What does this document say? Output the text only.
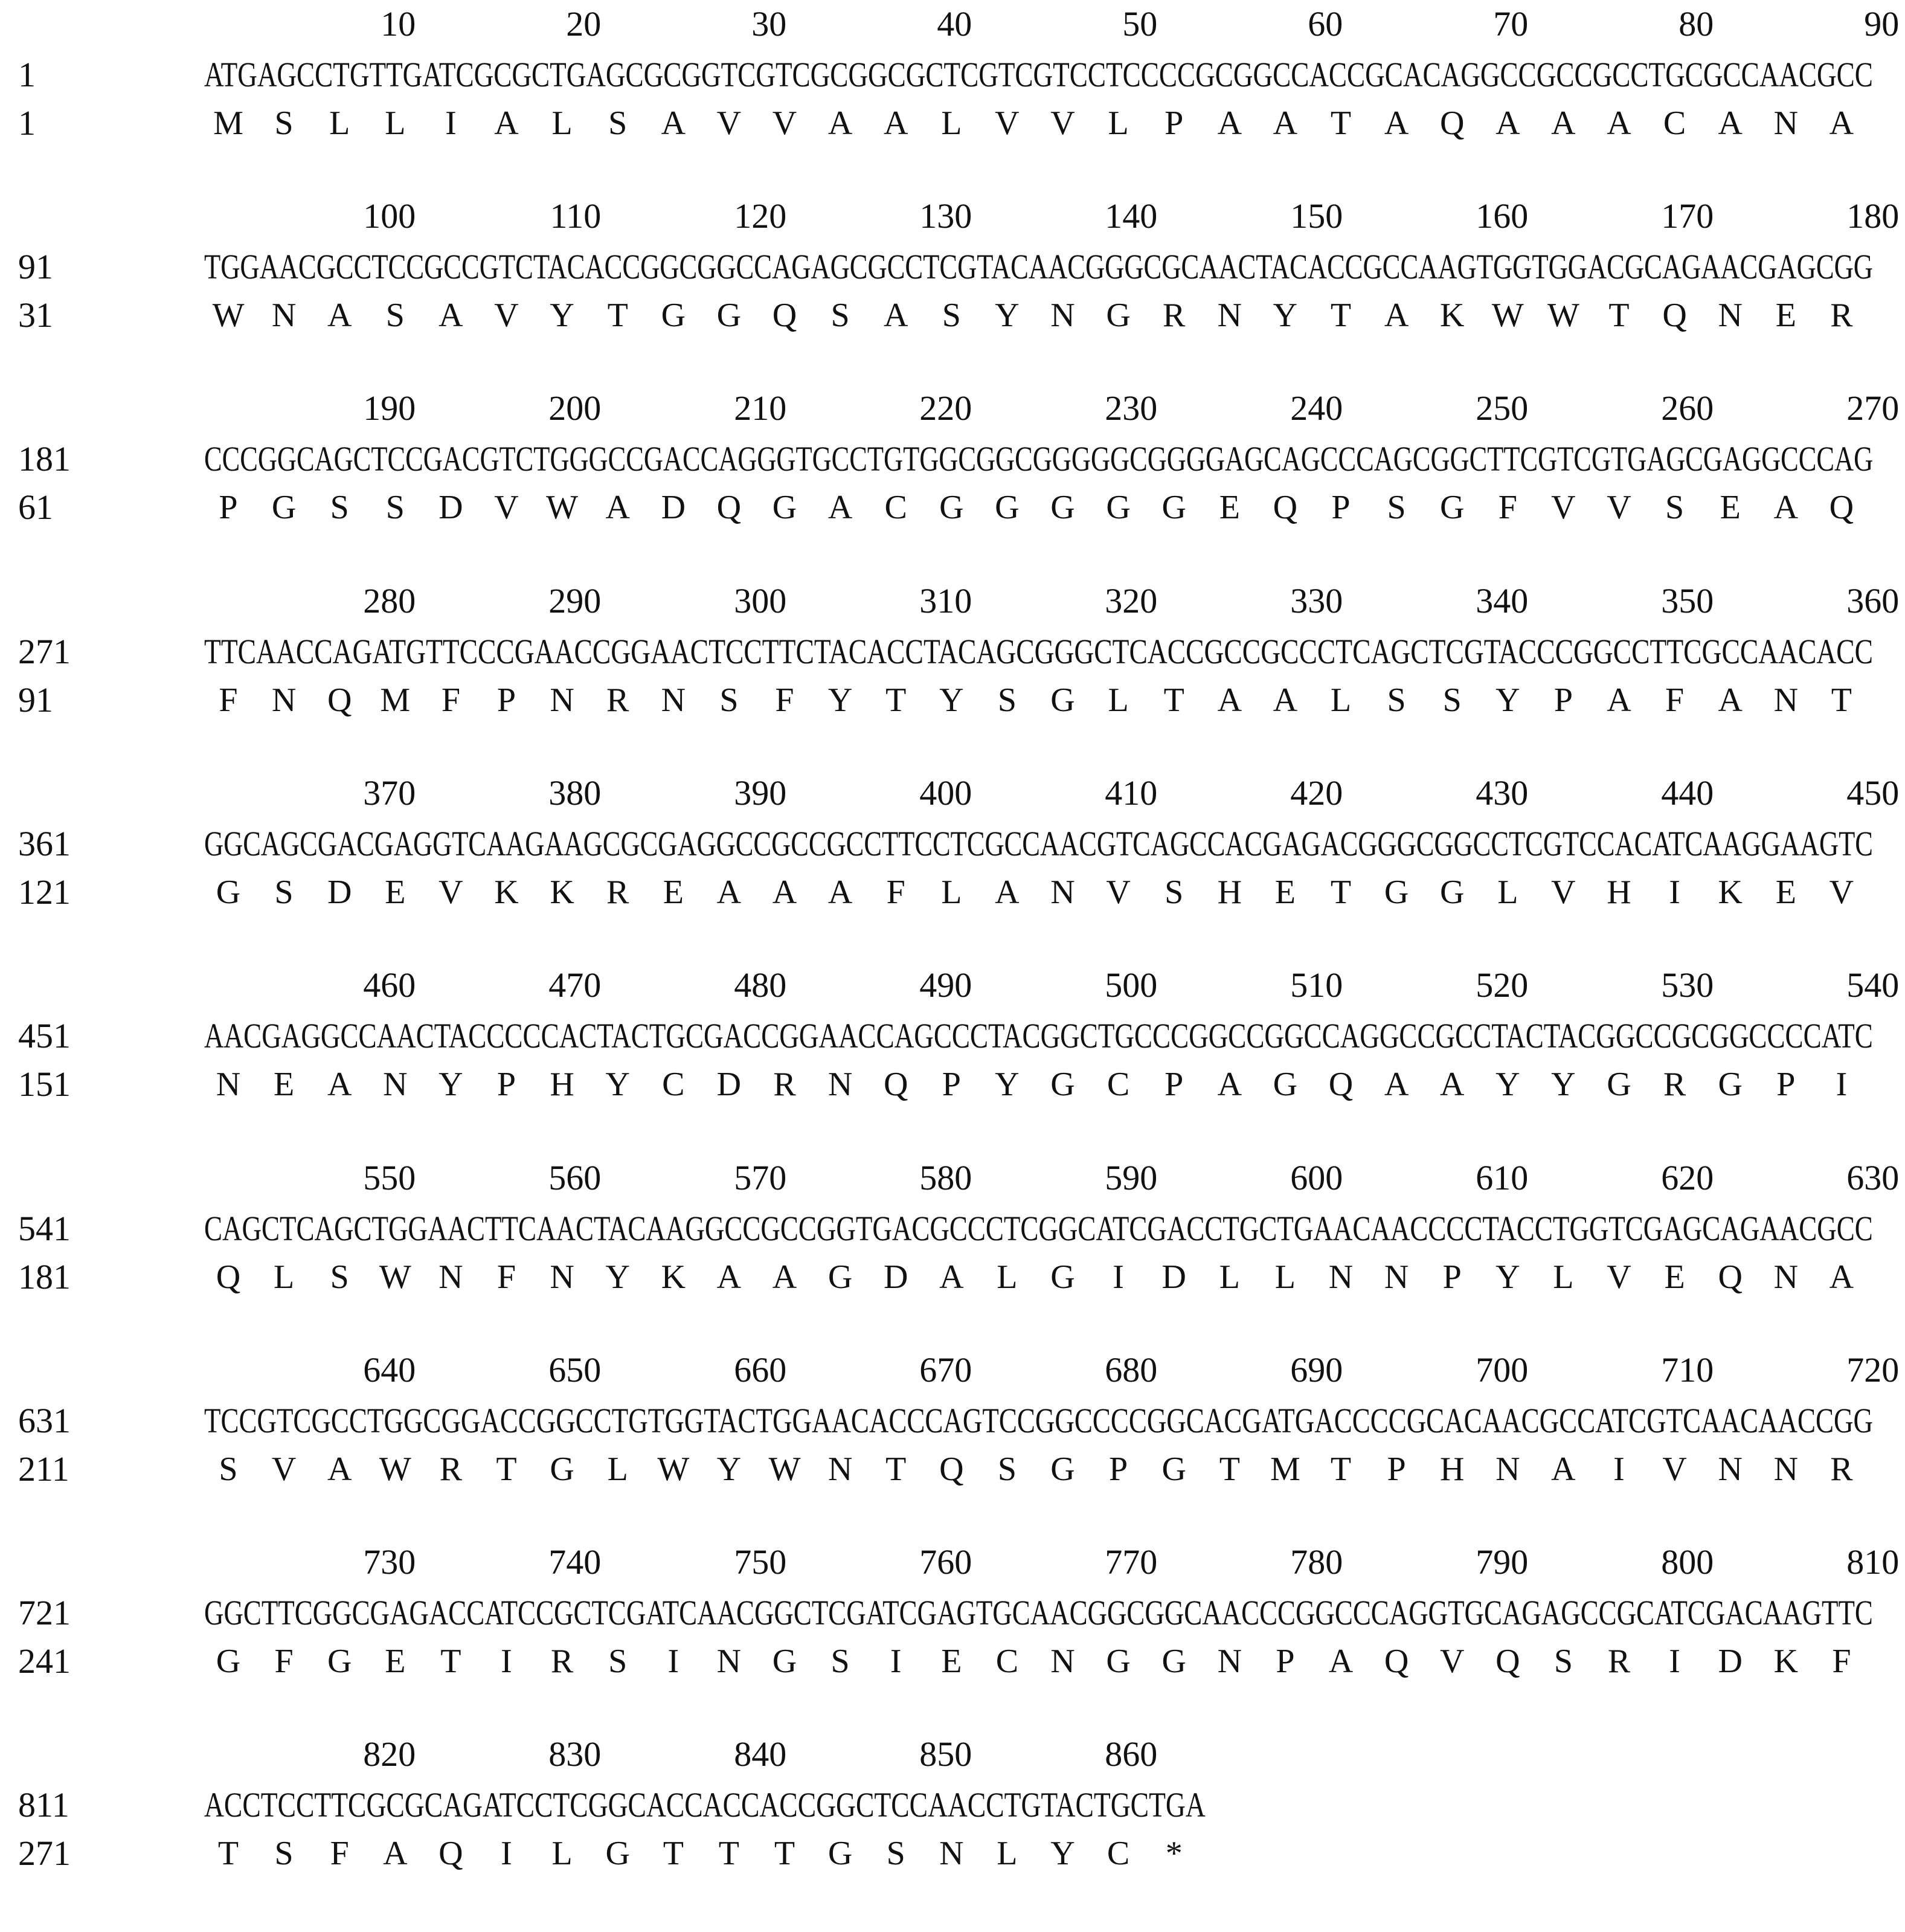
10	20	30	40	50	60	70	80	90
1	ATGAGCCTGTTGATCGCGCTGAGCGCGGTCGTCGCGGCGCTCGTCGTCCTCCCCGCGGCCACCGCACAGGCCGCCGCCTGCGCCAACGCC
1	M S L L	I	A L S A V V A A L V V L P A A T A Q A A A C A N A
100	110	120	130	140	150	160	170	180
91	TGGAACGCCTCCGCCGTCTACACCGGCGGCCAGAGCGCCTCGTACAACGGGCGCAACTACACCGCCAAGTGGTGGACGCAGAACGAGCGG
31	W N A S A V Y T G G Q S A S Y N G R N Y T A K W W T Q N E R
190	200	210	220	230	240	250	260	270
181	CCCGGCAGCTCCGACGTCTGGGCCGACCAGGGTGCCTGTGGCGGCGGGGGCGGGGAGCAGCCCAGCGGCTTCGTCGTGAGCGAGGCCCAG
61	P G S S D V W A D Q G A C G G G G G E Q P S G F V V S E A Q
280	290	300	310	320	330	340	350	360
271	TTCAACCAGATGTTCCCGAACCGGAACTCCTTCTACACCTACAGCGGGCTCACCGCCGCCCTCAGCTCGTACCCGGCCTTCGCCAACACC
91	F N Q M F P N R N S F Y T Y S G L T A A L S S Y P A F A N T
370	380	390	400	410	420	430	440	450
361	GGCAGCGACGAGGTCAAGAAGCGCGAGGCCGCCGCCTTCCTCGCCAACGTCAGCCACGAGACGGGCGGCCTCGTCCACATCAAGGAAGTC
121	G S D E V K K R E A A A F L A N V S H E T G G L V H	I	K E V
460	470	480	490	500	510	520	530	540
451	AACGAGGCCAACTACCCCCACTACTGCGACCGGAACCAGCCCTACGGCTGCCCGGCCGGCCAGGCCGCCTACTACGGCCGCGGCCCCATC
151	N E A N Y P H Y C D R N Q P Y G C P A G Q A A Y Y G R G P	I
550	560	570	580	590	600	610	620	630
541	CAGCTCAGCTGGAACTTCAACTACAAGGCCGCCGGTGACGCCCTCGGCATCGACCTGCTGAACAACCCCTACCTGGTCGAGCAGAACGCC
181	Q L S W N F N Y K A A G D A L G	I	D L L N N P Y L V E Q N A
640	650	660	670	680	690	700	710	720
631	TCCGTCGCCTGGCGGACCGGCCTGTGGTACTGGAACACCCAGTCCGGCCCCGGCACGATGACCCCGCACAACGCCATCGTCAACAACCGG
211	S V A W R T G L W Y W N T Q S G P G T M T P H N A	I	V N N R
730	740	750	760	770	780	790	800	810
721	GGCTTCGGCGAGACCATCCGCTCGATCAACGGCTCGATCGAGTGCAACGGCGGCAACCCGGCCCAGGTGCAGAGCCGCATCGACAAGTTC
241	G F G E T	I	R S	I	N G S	I	E C N G G N P A Q V Q S R	I	D K F
820	830	840	850	860
811	ACCTCCTTCGCGCAGATCCTCGGCACCACCACCGGCTCCAACCTGTACTGCTGA
271	T S F A Q	I	L G T T T G S N L Y C *
